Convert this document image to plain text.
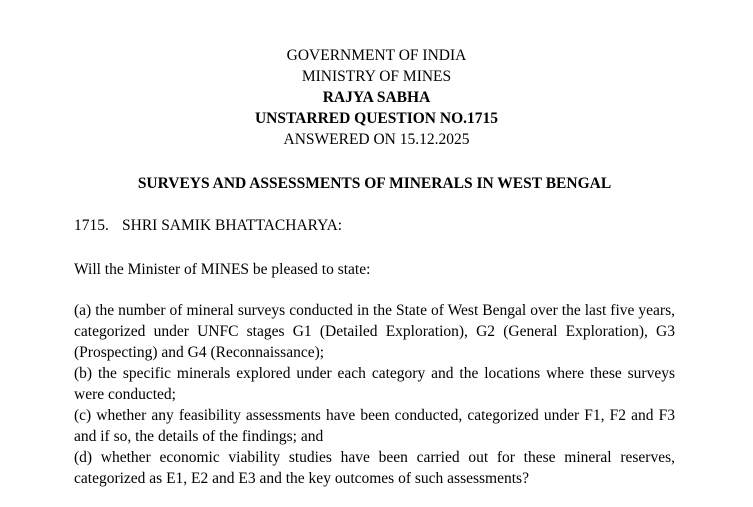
GOVERNMENT OF INDIA
MINISTRY OF MINES
RAJYA SABHA
UNSTARRED QUESTION NO.1715
ANSWERED ON 15.12.2025
SURVEYS AND ASSESSMENTS OF MINERALS IN WEST BENGAL
1715. SHRI SAMIK BHATTACHARYA:
Will the Minister of MINES be pleased to state:

(a) the number of mineral surveys conducted in the State of West Bengal over the last five years, categorized under UNFC stages G1 (Detailed Exploration), G2 (General Exploration), G3 (Prospecting) and G4 (Reconnaissance);

(b) the specific minerals explored under each category and the locations where these surveys were conducted;

(c) whether any feasibility assessments have been conducted, categorized under F1, F2 and F3 and if so, the details of the findings; and

(d) whether economic viability studies have been carried out for these mineral reserves, categorized as E1, E2 and E3 and the key outcomes of such assessments?
